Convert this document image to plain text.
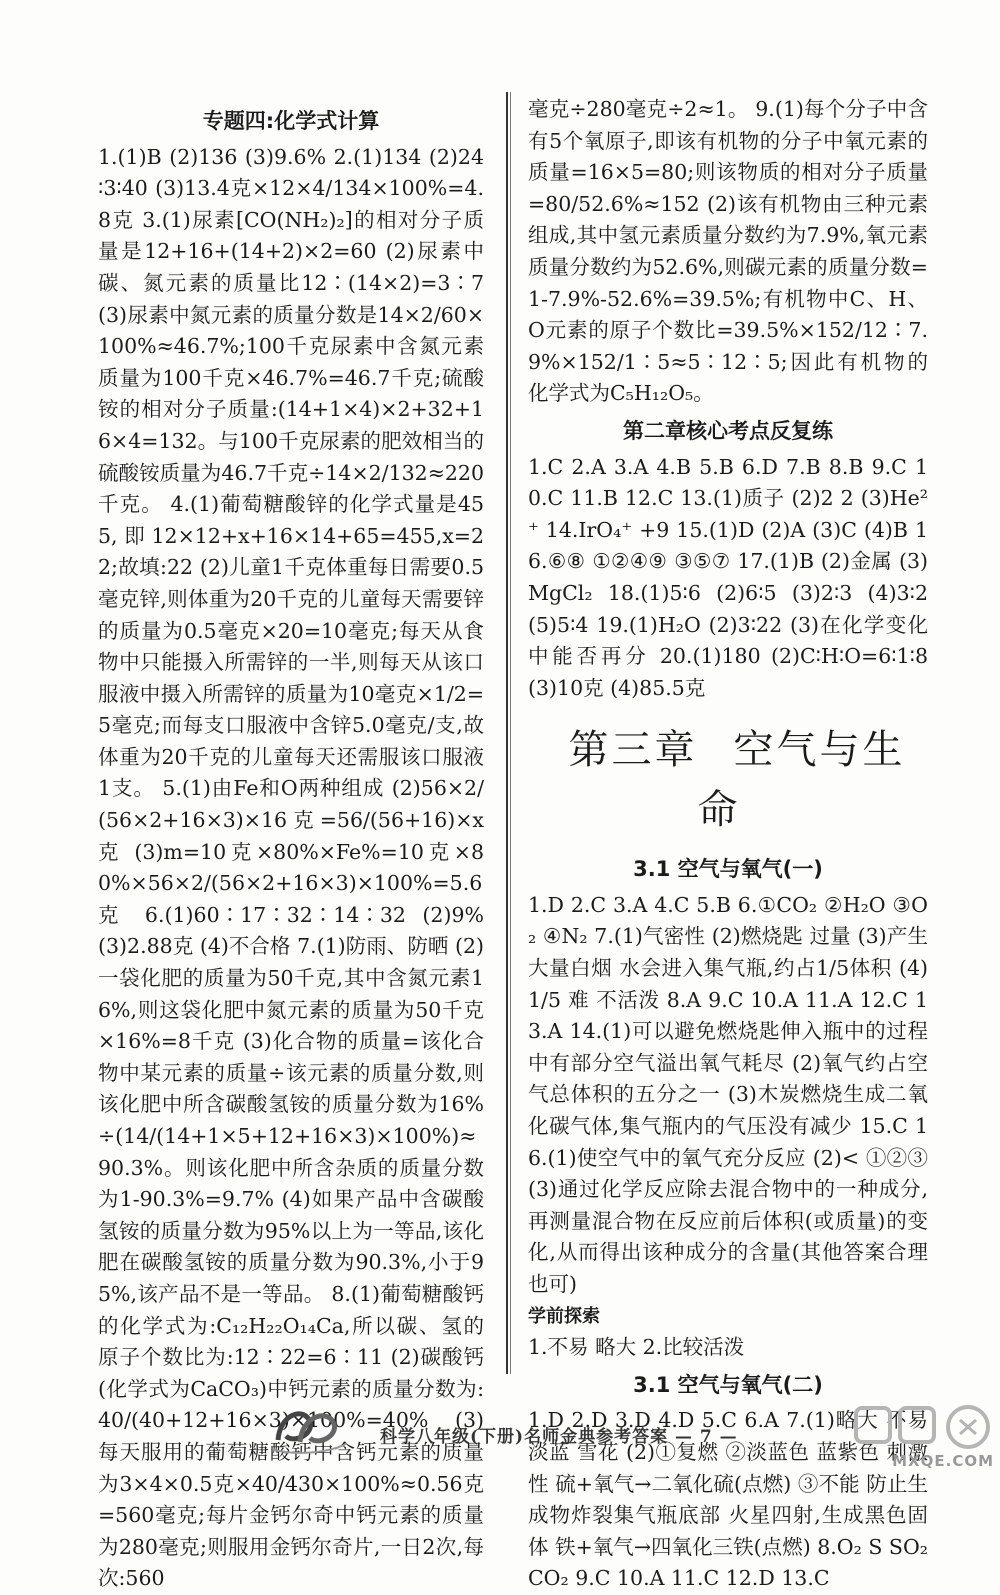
专题四:化学式计算
1.(1)B (2)136 (3)9.6% 2.(1)134 (2)24∶3∶40 (3)13.4克×12×4/134×100%=4.8克 3.(1)尿素[CO(NH₂)₂]的相对分子质量是12+16+(14+2)×2=60 (2)尿素中碳、氮元素的质量比12∶(14×2)=3∶7 (3)尿素中氮元素的质量分数是14×2/60×100%≈46.7%;100千克尿素中含氮元素质量为100千克×46.7%=46.7千克;硫酸铵的相对分子质量:(14+1×4)×2+32+16×4=132。与100千克尿素的肥效相当的硫酸铵质量为46.7千克÷14×2/132≈220千克。 4.(1)葡萄糖酸锌的化学式量是455,即12×12+x+16×14+65=455,x=22;故填:22 (2)儿童1千克体重每日需要0.5毫克锌,则体重为20千克的儿童每天需要锌的质量为0.5毫克×20=10毫克;每天从食物中只能摄入所需锌的一半,则每天从该口服液中摄入所需锌的质量为10毫克×1/2=5毫克;而每支口服液中含锌5.0毫克/支,故体重为20千克的儿童每天还需服该口服液1支。 5.(1)由Fe和O两种组成 (2)56×2/(56×2+16×3)×16克=56/(56+16)×x克 (3)m=10克×80%×Fe%=10克×80%×56×2/(56×2+16×3)×100%=5.6克 6.(1)60∶17∶32∶14∶32 (2)9% (3)2.88克 (4)不合格 7.(1)防雨、防晒 (2)一袋化肥的质量为50千克,其中含氮元素16%,则这袋化肥中氮元素的质量为50千克×16%=8千克 (3)化合物的质量=该化合物中某元素的质量÷该元素的质量分数,则该化肥中所含碳酸氢铵的质量分数为16%÷(14/(14+1×5+12+16×3)×100%)≈90.3%。则该化肥中所含杂质的质量分数为1-90.3%=9.7% (4)如果产品中含碳酸氢铵的质量分数为95%以上为一等品,该化肥在碳酸氢铵的质量分数为90.3%,小于95%,该产品不是一等品。 8.(1)葡萄糖酸钙的化学式为:C₁₂H₂₂O₁₄Ca,所以碳、氢的原子个数比为:12∶22=6∶11 (2)碳酸钙(化学式为CaCO₃)中钙元素的质量分数为:40/(40+12+16×3)×100%=40% (3)每天服用的葡萄糖酸钙中含钙元素的质量为3×4×0.5克×40/430×100%≈0.56克=560毫克;每片金钙尔奇中钙元素的质量为280毫克;则服用金钙尔奇片,一日2次,每次:560
毫克÷280毫克÷2≈1。 9.(1)每个分子中含有5个氧原子,即该有机物的分子中氧元素的质量=16×5=80;则该物质的相对分子质量=80/52.6%≈152 (2)该有机物由三种元素组成,其中氢元素质量分数约为7.9%,氧元素质量分数约为52.6%,则碳元素的质量分数=1-7.9%-52.6%=39.5%;有机物中C、H、O元素的原子个数比=39.5%×152/12∶7.9%×152/1∶5≈5∶12∶5;因此有机物的化学式为C₅H₁₂O₅。
第二章核心考点反复练
1.C 2.A 3.A 4.B 5.B 6.D 7.B 8.B 9.C 10.C 11.B 12.C 13.(1)质子 (2)2 2 (3)He²⁺ 14.IrO₄⁺ +9 15.(1)D (2)A (3)C (4)B 16.⑥⑧ ①②④⑨ ③⑤⑦ 17.(1)B (2)金属 (3)MgCl₂ 18.(1)5∶6 (2)6∶5 (3)2∶3 (4)3∶2 (5)5∶4 19.(1)H₂O (2)3∶22 (3)在化学变化中能否再分 20.(1)180 (2)C∶H∶O=6∶1∶8 (3)10克 (4)85.5克
第三章 空气与生命
3.1 空气与氧气(一)
1.D 2.C 3.A 4.C 5.B 6.①CO₂ ②H₂O ③O₂ ④N₂ 7.(1)气密性 (2)燃烧匙 过量 (3)产生大量白烟 水会进入集气瓶,约占1/5体积 (4)1/5 难 不活泼 8.A 9.C 10.A 11.A 12.C 13.A 14.(1)可以避免燃烧匙伸入瓶中的过程中有部分空气溢出氧气耗尽 (2)氧气约占空气总体积的五分之一 (3)木炭燃烧生成二氧化碳气体,集气瓶内的气压没有减少 15.C 16.(1)使空气中的氧气充分反应 (2)< ①②③ (3)通过化学反应除去混合物中的一种成分,再测量混合物在反应前后体积(或质量)的变化,从而得出该种成分的含量(其他答案合理也可)
学前探索
1.不易 略大 2.比较活泼
3.1 空气与氧气(二)
1.D 2.D 3.D 4.D 5.C 6.A 7.(1)略大 不易 淡蓝 雪花 (2)①复燃 ②淡蓝色 蓝紫色 刺激性 硫+氧气→二氧化硫(点燃) ③不能 防止生成物炸裂集气瓶底部 火星四射,生成黑色固体 铁+氧气→四氧化三铁(点燃) 8.O₂ S SO₂ CO₂ 9.C 10.A 11.C 12.D 13.C
科学八年级(下册)名师金典参考答案 — 7 —
MXQE.COM
